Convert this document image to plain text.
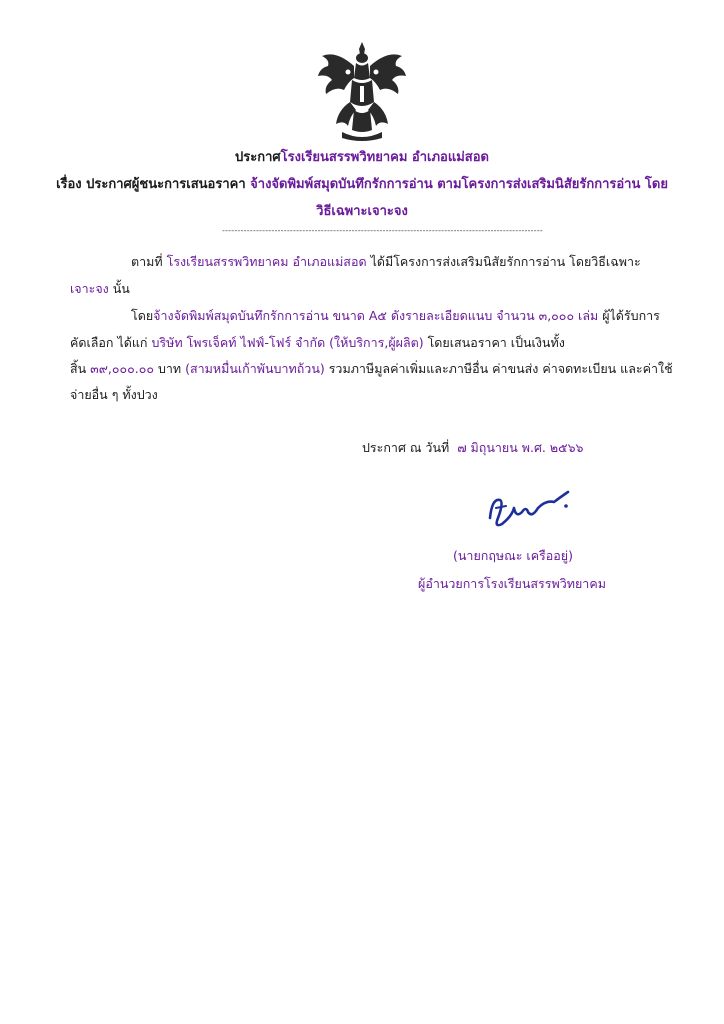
ประกาศโรงเรียนสรรพวิทยาคม อำเภอแม่สอด
เรื่อง ประกาศผู้ชนะการเสนอราคา จ้างจัดพิมพ์สมุดบันทึกรักการอ่าน ตามโครงการส่งเสริมนิสัยรักการอ่าน โดย
วิธีเฉพาะเจาะจง
--------------------------------------------------------------------------------------------------------
ตามที่ โรงเรียนสรรพวิทยาคม อำเภอแม่สอด ได้มีโครงการส่งเสริมนิสัยรักการอ่าน โดยวิธีเฉพาะ
เจาะจง นั้น
โดยจ้างจัดพิมพ์สมุดบันทึกรักการอ่าน ขนาด A๕ ดังรายละเอียดแนบ จำนวน ๓,๐๐๐ เล่ม ผู้ได้รับการ
คัดเลือก ได้แก่ บริษัท โพรเจ็คท์ ไฟฟ์-โฟร์ จำกัด (ให้บริการ,ผู้ผลิต) โดยเสนอราคา เป็นเงินทั้ง
สิ้น ๓๙,๐๐๐.๐๐ บาท (สามหมื่นเก้าพันบาทถ้วน) รวมภาษีมูลค่าเพิ่มและภาษีอื่น ค่าขนส่ง ค่าจดทะเบียน และค่าใช้
จ่ายอื่น ๆ ทั้งปวง
ประกาศ ณ วันที่ ๗ มิถุนายน พ.ศ. ๒๕๖๖
(นายกฤษณะ เครืออยู่)
ผู้อำนวยการโรงเรียนสรรพวิทยาคม
